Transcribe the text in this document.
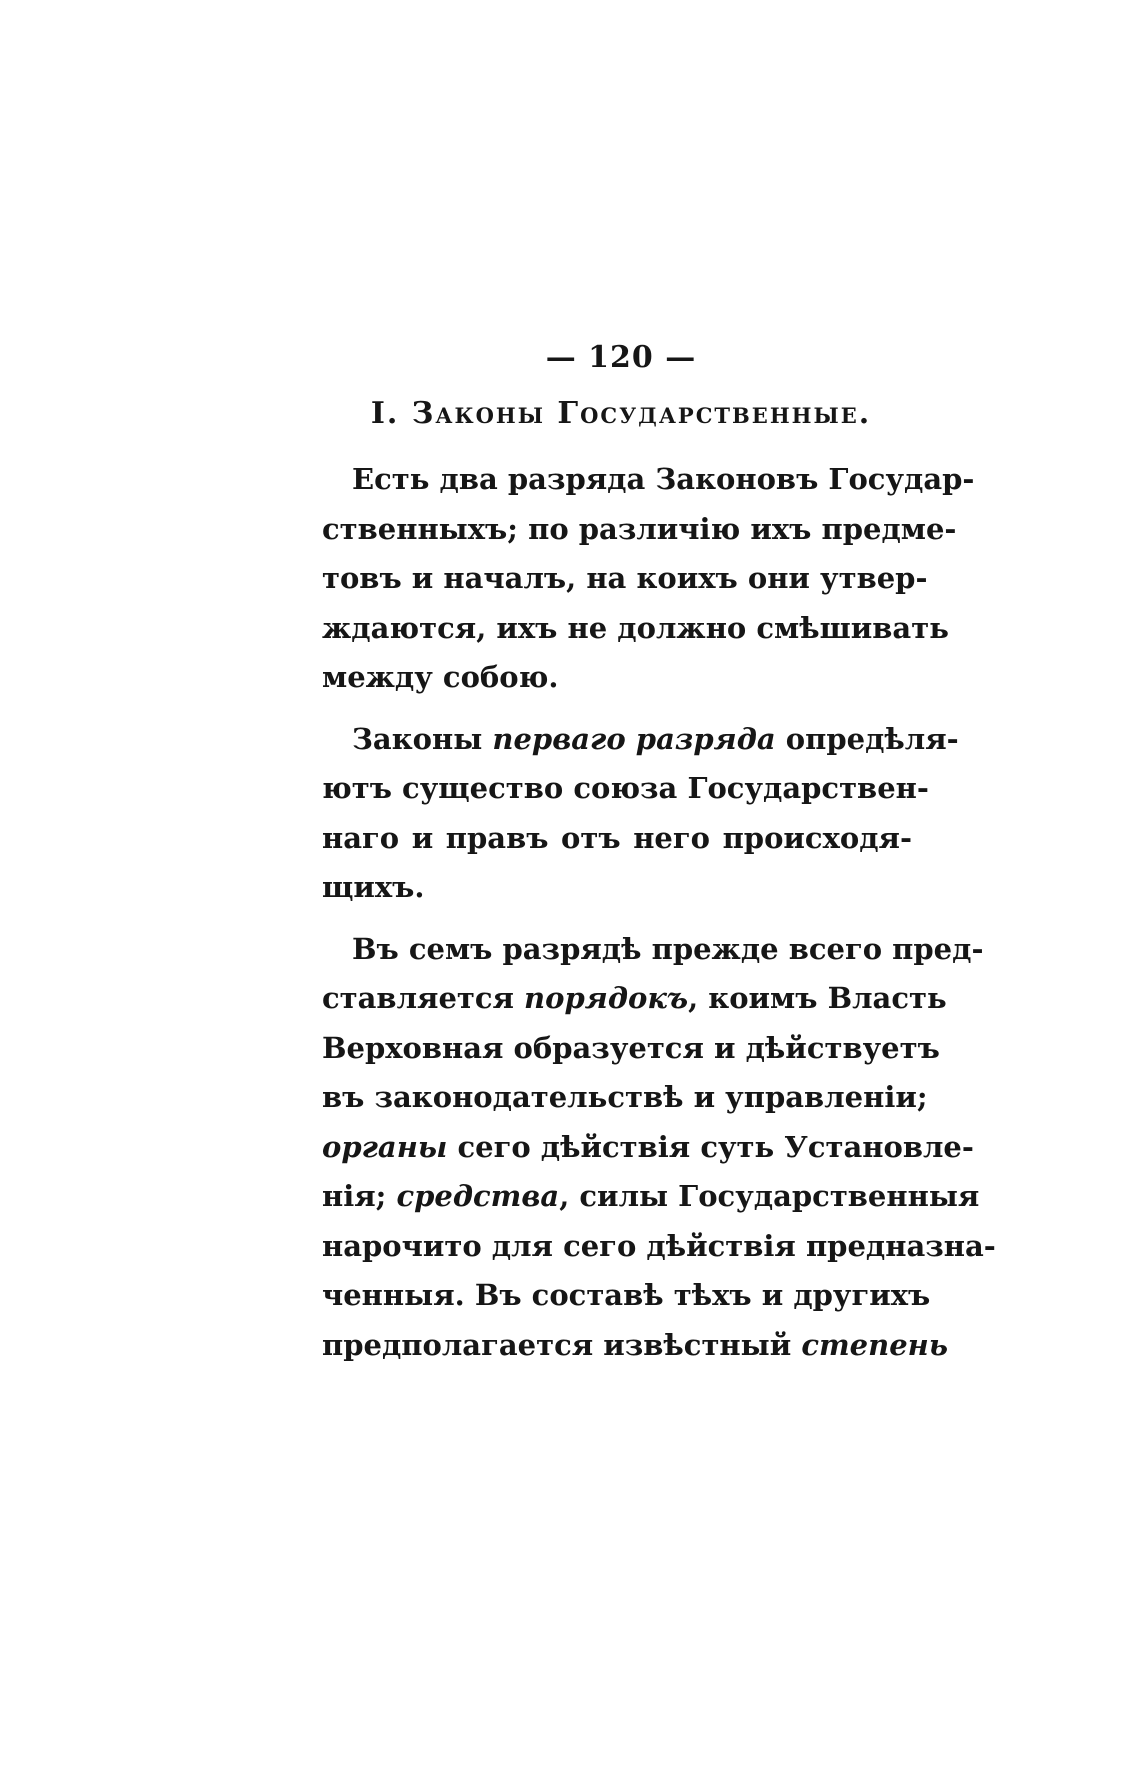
— 120 —
I. Законы Государственные.
Есть два разряда Законовъ Государ-
ственныхъ; по различію ихъ предме-
товъ и началъ, на коихъ они утвер-
ждаются, ихъ не должно смѣшивать
между собою.
Законы перваго разряда опредѣля-
ютъ существо союза Государствен-
наго и правъ отъ него происходя-
щихъ.
Въ семъ разрядѣ прежде всего пред-
ставляется порядокъ, коимъ Власть
Верховная образуется и дѣйствуетъ
въ законодательствѣ и управленіи;
органы сего дѣйствія суть Установле-
нія; средства, силы Государственныя
нарочито для сего дѣйствія предназна-
ченныя. Въ составѣ тѣхъ и другихъ
предполагается извѣстный степень
